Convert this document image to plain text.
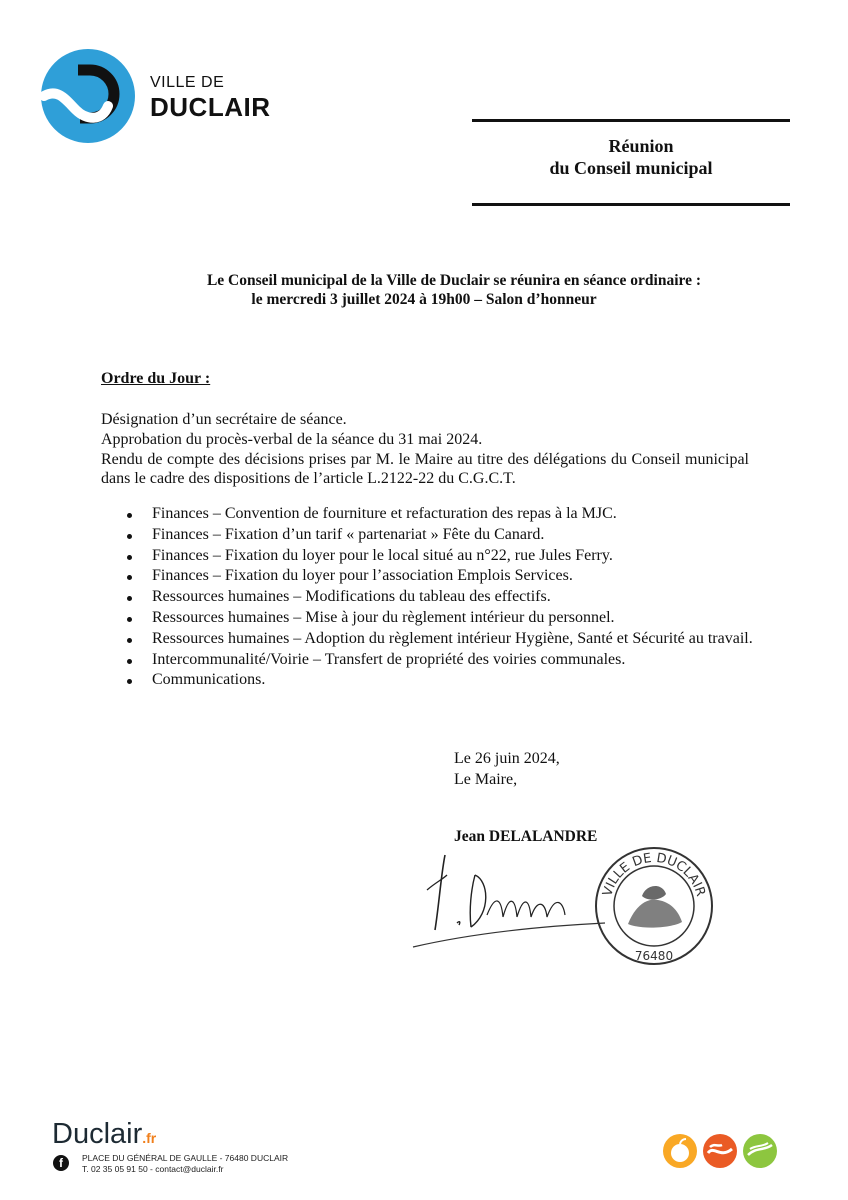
VILLE DE
DUCLAIR
Réunion
du Conseil municipal
Le Conseil municipal de la Ville de Duclair se réunira en séance ordinaire :
le mercredi 3 juillet 2024 à 19h00 – Salon d’honneur
Ordre du Jour :
Désignation d’un secrétaire de séance.
Approbation du procès-verbal de la séance du 31 mai 2024.
Rendu de compte des décisions prises par M. le Maire au titre des délégations du Conseil municipal dans le cadre des dispositions de l’article L.2122-22 du C.G.C.T.
Finances – Convention de fourniture et refacturation des repas à la MJC.
Finances – Fixation d’un tarif « partenariat » Fête du Canard.
Finances – Fixation du loyer pour le local situé au n°22, rue Jules Ferry.
Finances – Fixation du loyer pour l’association Emplois Services.
Ressources humaines – Modifications du tableau des effectifs.
Ressources humaines – Mise à jour du règlement intérieur du personnel.
Ressources humaines – Adoption du règlement intérieur Hygiène, Santé et Sécurité au travail.
Intercommunalité/Voirie – Transfert de propriété des voiries communales.
Communications.
Le 26 juin 2024,
Le Maire,
Jean DELALANDRE
VILLE DE DUCLAIR
76480
Duclair.fr
f	PLACE DU GÉNÉRAL DE GAULLE - 76480 DUCLAIR
T. 02 35 05 91 50 - contact@duclair.fr
